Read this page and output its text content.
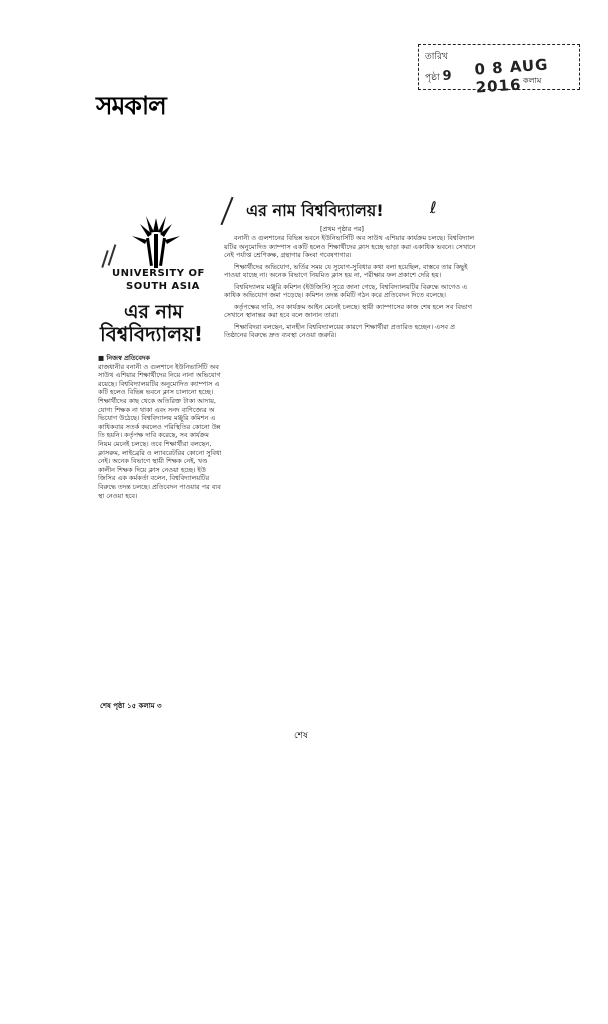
সমকাল
তারিখ 0 8 AUG 2016
পৃষ্ঠা 9	কলাম
UNIVERSITY OF
SOUTH ASIA
এর নাম
বিশ্ববিদ্যালয়!

■ নিজস্ব প্রতিবেদক

রাজধানীর বনানী ও গুলশানে ইউনিভার্সিটি অব সাউথ এশিয়ার শিক্ষার্থীদের নিয়ে নানা অভিযোগ রয়েছে। বিশ্ববিদ্যালয়টির অনুমোদিত ক্যাম্পাস একটি হলেও বিভিন্ন ভবনে ক্লাস চালানো হচ্ছে। শিক্ষার্থীদের কাছ থেকে অতিরিক্ত টাকা আদায়, যোগ্য শিক্ষক না থাকা এবং সনদ বাণিজ্যের অভিযোগ উঠেছে। বিশ্ববিদ্যালয় মঞ্জুরি কমিশন একাধিকবার সতর্ক করলেও পরিস্থিতির কোনো উন্নতি হয়নি। কর্তৃপক্ষ দাবি করেছে, সব কার্যক্রম নিয়ম মেনেই চলছে। তবে শিক্ষার্থীরা বলছেন, ক্লাসরুম, লাইব্রেরি ও ল্যাবরেটরির কোনো সুবিধা নেই। অনেক বিভাগে স্থায়ী শিক্ষক নেই, খণ্ডকালীন শিক্ষক দিয়ে ক্লাস নেওয়া হচ্ছে। ইউজিসির এক কর্মকর্তা বলেন, বিশ্ববিদ্যালয়টির বিরুদ্ধে তদন্ত চলছে। প্রতিবেদন পাওয়ার পর ব্যবস্থা নেওয়া হবে।

শেষ পৃষ্ঠা ১৫ কলাম ৩
এর নাম বিশ্ববিদ্যালয়!	ℓ
[প্রথম পৃষ্ঠার পর]

বনানী ও গুলশানের বিভিন্ন ভবনে ইউনিভার্সিটি অব সাউথ এশিয়ার কার্যক্রম চলছে। বিশ্ববিদ্যালয়টির অনুমোদিত ক্যাম্পাস একটি হলেও শিক্ষার্থীদের ক্লাস হচ্ছে ভাড়া করা একাধিক ভবনে। সেখানে নেই পর্যাপ্ত শ্রেণিকক্ষ, গ্রন্থাগার কিংবা গবেষণাগার।

শিক্ষার্থীদের অভিযোগ, ভর্তির সময় যে সুযোগ-সুবিধার কথা বলা হয়েছিল, বাস্তবে তার কিছুই পাওয়া যাচ্ছে না। অনেক বিভাগে নিয়মিত ক্লাস হয় না, পরীক্ষার ফল প্রকাশে দেরি হয়।

বিশ্ববিদ্যালয় মঞ্জুরি কমিশন (ইউজিসি) সূত্রে জানা গেছে, বিশ্ববিদ্যালয়টির বিরুদ্ধে আগেও একাধিক অভিযোগ জমা পড়েছে। কমিশন তদন্ত কমিটি গঠন করে প্রতিবেদন দিতে বলেছে।

কর্তৃপক্ষের দাবি, সব কার্যক্রম আইন মেনেই চলছে। স্থায়ী ক্যাম্পাসের কাজ শেষ হলে সব বিভাগ সেখানে স্থানান্তর করা হবে বলে জানান তারা।

শিক্ষাবিদরা বলছেন, মানহীন বিশ্ববিদ্যালয়ের কারণে শিক্ষার্থীরা প্রতারিত হচ্ছেন। এসব প্রতিষ্ঠানের বিরুদ্ধে দ্রুত ব্যবস্থা নেওয়া জরুরি।

শেষ
